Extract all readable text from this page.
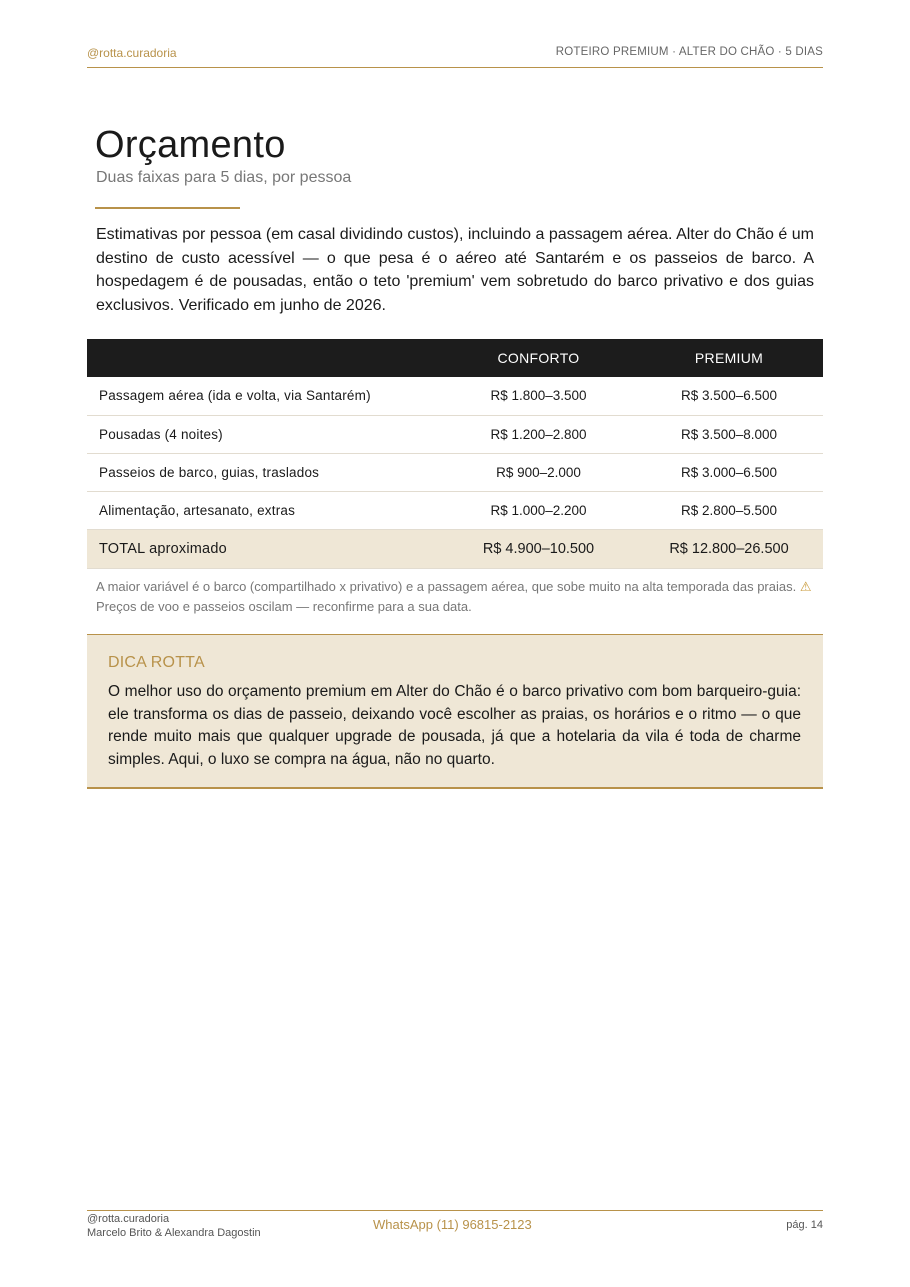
@rotta.curadoria	ROTEIRO PREMIUM · ALTER DO CHÃO · 5 DIAS
Orçamento
Duas faixas para 5 dias, por pessoa

Estimativas por pessoa (em casal dividindo custos), incluindo a passagem aérea. Alter do Chão é um destino de custo acessível — o que pesa é o aéreo até Santarém e os passeios de barco. A hospedagem é de pousadas, então o teto 'premium' vem sobretudo do barco privativo e dos guias exclusivos. Verificado em junho de 2026.

	CONFORTO	PREMIUM
Passagem aérea (ida e volta, via Santarém)	R$ 1.800–3.500	R$ 3.500–6.500
Pousadas (4 noites)	R$ 1.200–2.800	R$ 3.500–8.000
Passeios de barco, guias, traslados	R$ 900–2.000	R$ 3.000–6.500
Alimentação, artesanato, extras	R$ 1.000–2.200	R$ 2.800–5.500
TOTAL aproximado	R$ 4.900–10.500	R$ 12.800–26.500

A maior variável é o barco (compartilhado x privativo) e a passagem aérea, que sobe muito na alta temporada das praias. ⚠ Preços de voo e passeios oscilam — reconfirme para a sua data.

DICA ROTTA

O melhor uso do orçamento premium em Alter do Chão é o barco privativo com bom barqueiro-guia: ele transforma os dias de passeio, deixando você escolher as praias, os horários e o ritmo — o que rende muito mais que qualquer upgrade de pousada, já que a hotelaria da vila é toda de charme simples. Aqui, o luxo se compra na água, não no quarto.

@rotta.curadoria
Marcelo Brito & Alexandra Dagostin
WhatsApp (11) 96815-2123	pág. 14
